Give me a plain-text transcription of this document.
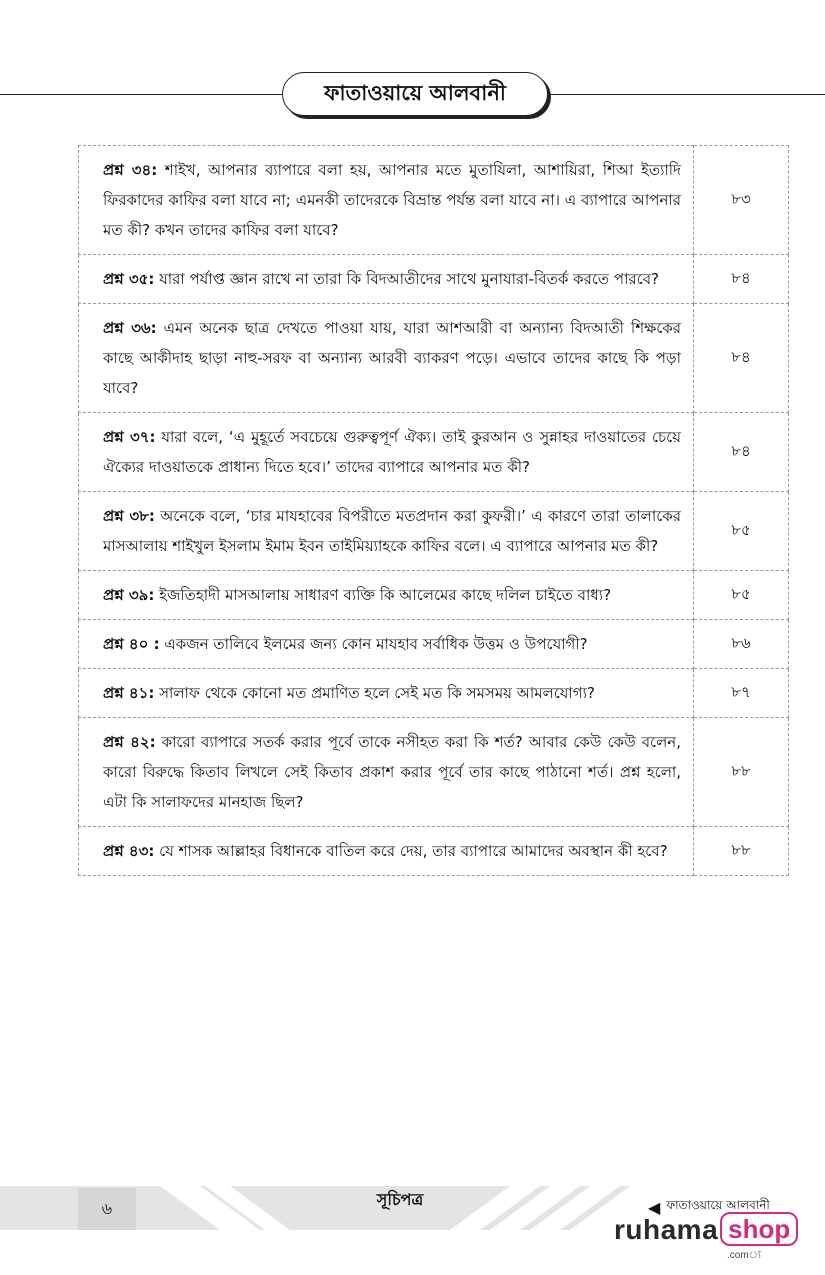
ফাতাওয়ায়ে আলবানী
প্রশ্ন ৩৪: শাইখ, আপনার ব্যাপারে বলা হয়, আপনার মতে মুতাযিলা, আশায়িরা, শিআ ইত্যাদি ফিরকাদের কাফির বলা যাবে না; এমনকী তাদেরকে বিভ্রান্ত পর্যন্ত বলা যাবে না। এ ব্যাপারে আপনার মত কী? কখন তাদের কাফির বলা যাবে?	৮৩
প্রশ্ন ৩৫: যারা পর্যাপ্ত জ্ঞান রাখে না তারা কি বিদআতীদের সাথে মুনাযারা-বিতর্ক করতে পারবে?	৮৪
প্রশ্ন ৩৬: এমন অনেক ছাত্র দেখতে পাওয়া যায়, যারা আশআরী বা অন্যান্য বিদআতী শিক্ষকের কাছে আকীদাহ ছাড়া নাহু-সরফ বা অন্যান্য আরবী ব্যাকরণ পড়ে। এভাবে তাদের কাছে কি পড়া যাবে?	৮৪
প্রশ্ন ৩৭: যারা বলে, ‘এ মুহূর্তে সবচেয়ে গুরুত্বপূর্ণ ঐক্য। তাই কুরআন ও সুন্নাহর দাওয়াতের চেয়ে ঐক্যের দাওয়াতকে প্রাধান্য দিতে হবে।’ তাদের ব্যাপারে আপনার মত কী?	৮৪
প্রশ্ন ৩৮: অনেকে বলে, ‘চার মাযহাবের বিপরীতে মতপ্রদান করা কুফরী।’ এ কারণে তারা তালাকের মাসআলায় শাইখুল ইসলাম ইমাম ইবন তাইমিয়্যাহকে কাফির বলে। এ ব্যাপারে আপনার মত কী?	৮৫
প্রশ্ন ৩৯: ইজতিহাদী মাসআলায় সাধারণ ব্যক্তি কি আলেমের কাছে দলিল চাইতে বাধ্য?	৮৫
প্রশ্ন ৪০ : একজন তালিবে ইলমের জন্য কোন মাযহাব সর্বাধিক উত্তম ও উপযোগী?	৮৬
প্রশ্ন ৪১: সালাফ থেকে কোনো মত প্রমাণিত হলে সেই মত কি সমসময় আমলযোগ্য?	৮৭
প্রশ্ন ৪২: কারো ব্যাপারে সতর্ক করার পূর্বে তাকে নসীহত করা কি শর্ত? আবার কেউ কেউ বলেন, কারো বিরুদ্ধে কিতাব লিখলে সেই কিতাব প্রকাশ করার পূর্বে তার কাছে পাঠানো শর্ত। প্রশ্ন হলো, এটা কি সালাফদের মানহাজ ছিল?	৮৮
প্রশ্ন ৪৩: যে শাসক আল্লাহর বিধানকে বাতিল করে দেয়, তার ব্যাপারে আমাদের অবস্থান কী হবে?	৮৮
৬	সূচিপত্র	◀ ফাতাওয়ায়ে আলবানী
ruhama shop
.com্য
